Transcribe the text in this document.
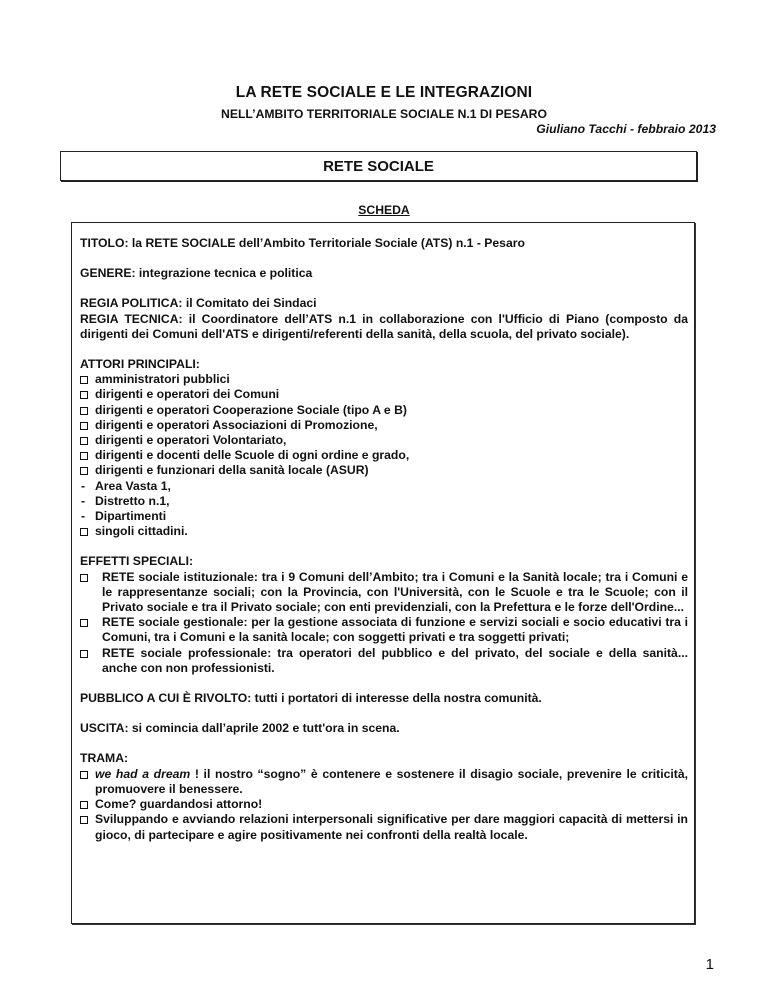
LA RETE SOCIALE E LE INTEGRAZIONI
NELL’AMBITO TERRITORIALE SOCIALE N.1 DI PESARO
Giuliano Tacchi - febbraio 2013
RETE SOCIALE
SCHEDA

TITOLO: la RETE SOCIALE dell’Ambito Territoriale Sociale (ATS) n.1 - Pesaro

GENERE: integrazione tecnica e politica

REGIA POLITICA: il Comitato dei Sindaci

REGIA TECNICA: il Coordinatore dell’ATS n.1 in collaborazione con l'Ufficio di Piano (composto da dirigenti dei Comuni dell'ATS e dirigenti/referenti della sanità, della scuola, del privato sociale).

ATTORI PRINCIPALI:

amministratori pubblici
dirigenti e operatori dei Comuni
dirigenti e operatori Cooperazione Sociale (tipo A e B)
dirigenti e operatori Associazioni di Promozione,
dirigenti e operatori Volontariato,
dirigenti e docenti delle Scuole di ogni ordine e grado,
dirigenti e funzionari della sanità locale (ASUR)
- Area Vasta 1,
- Distretto n.1,
- Dipartimenti
singoli cittadini.

EFFETTI SPECIALI:

RETE sociale istituzionale: tra i 9 Comuni dell’Ambito; tra i Comuni e la Sanità locale; tra i Comuni e le rappresentanze sociali; con la Provincia, con l'Università, con le Scuole e tra le Scuole; con il Privato sociale e tra il Privato sociale; con enti previdenziali, con la Prefettura e le forze dell'Ordine...
RETE sociale gestionale: per la gestione associata di funzione e servizi sociali e socio educativi tra i Comuni, tra i Comuni e la sanità locale; con soggetti privati e tra soggetti privati;
RETE sociale professionale: tra operatori del pubblico e del privato, del sociale e della sanità... anche con non professionisti.

PUBBLICO A CUI È RIVOLTO: tutti i portatori di interesse della nostra comunità.

USCITA: si comincia dall’aprile 2002 e tutt'ora in scena.

TRAMA:

we had a dream ! il nostro “sogno” è contenere e sostenere il disagio sociale, prevenire le criticità, promuovere il benessere.
Come? guardandosi attorno!
Sviluppando e avviando relazioni interpersonali significative per dare maggiori capacità di mettersi in gioco, di partecipare e agire positivamente nei confronti della realtà locale.
1
